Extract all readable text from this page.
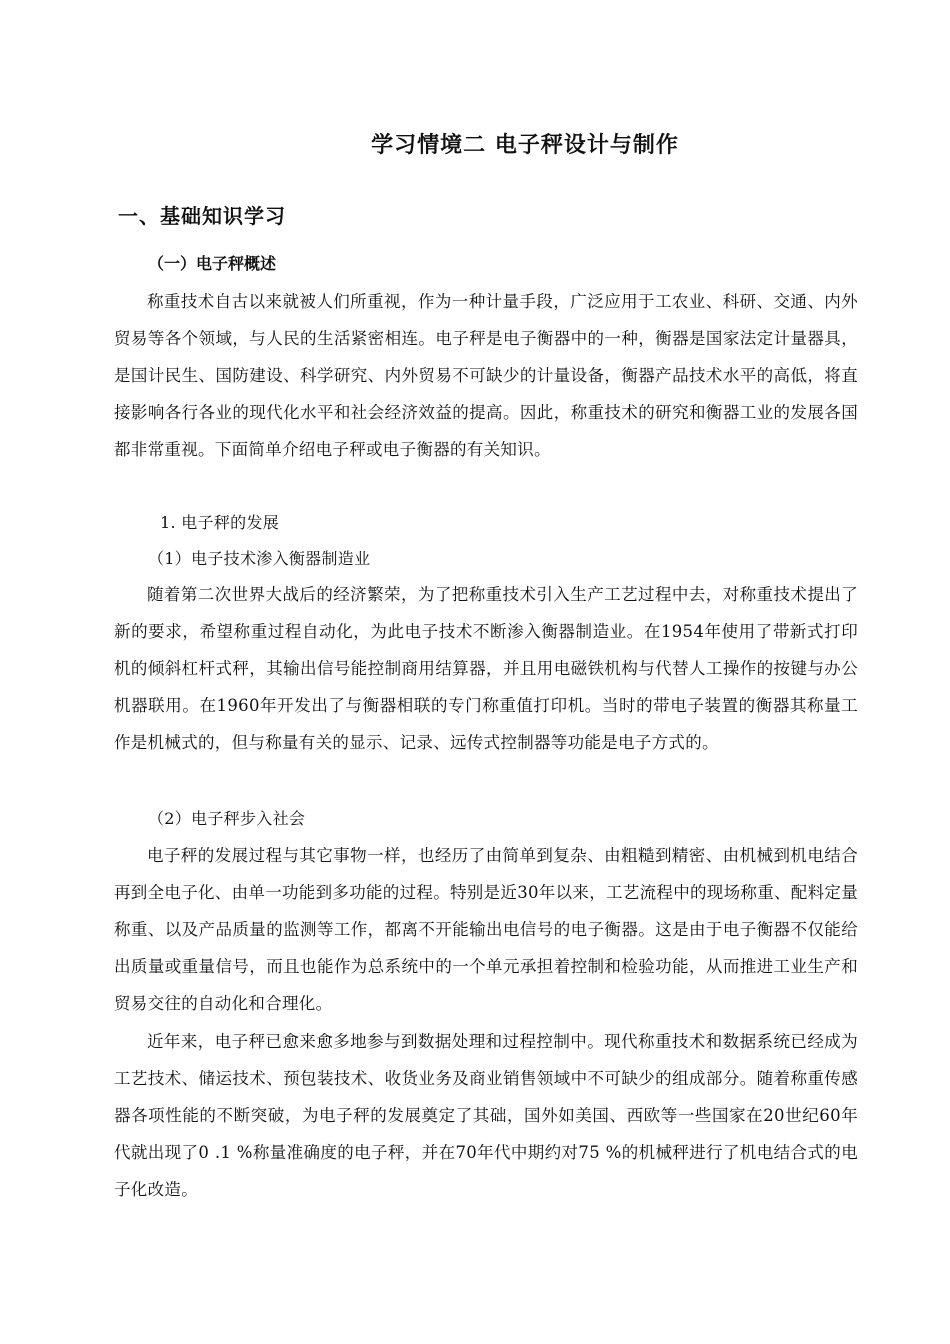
学习情境二 电子秤设计与制作
一、基础知识学习
（一）电子秤概述

称重技术自古以来就被人们所重视，作为一种计量手段，广泛应用于工农业、科研、交通、内外贸易等各个领域，与人民的生活紧密相连。电子秤是电子衡器中的一种，衡器是国家法定计量器具，是国计民生、国防建设、科学研究、内外贸易不可缺少的计量设备，衡器产品技术水平的高低，将直接影响各行各业的现代化水平和社会经济效益的提高。因此，称重技术的研究和衡器工业的发展各国都非常重视。下面简单介绍电子秤或电子衡器的有关知识。

1. 电子秤的发展

（1）电子技术渗入衡器制造业

随着第二次世界大战后的经济繁荣，为了把称重技术引入生产工艺过程中去，对称重技术提出了新的要求，希望称重过程自动化，为此电子技术不断渗入衡器制造业。在1954年使用了带新式打印机的倾斜杠杆式秤，其输出信号能控制商用结算器，并且用电磁铁机构与代替人工操作的按键与办公机器联用。在1960年开发出了与衡器相联的专门称重值打印机。当时的带电子装置的衡器其称量工作是机械式的，但与称量有关的显示、记录、远传式控制器等功能是电子方式的。

（2）电子秤步入社会

电子秤的发展过程与其它事物一样，也经历了由简单到复杂、由粗糙到精密、由机械到机电结合再到全电子化、由单一功能到多功能的过程。特别是近30年以来，工艺流程中的现场称重、配料定量称重、以及产品质量的监测等工作，都离不开能输出电信号的电子衡器。这是由于电子衡器不仅能给出质量或重量信号，而且也能作为总系统中的一个单元承担着控制和检验功能，从而推进工业生产和贸易交往的自动化和合理化。

近年来，电子秤已愈来愈多地参与到数据处理和过程控制中。现代称重技术和数据系统已经成为工艺技术、储运技术、预包装技术、收货业务及商业销售领域中不可缺少的组成部分。随着称重传感器各项性能的不断突破，为电子秤的发展奠定了其础，国外如美国、西欧等一些国家在20世纪60年代就出现了0 .1 %称量准确度的电子秤，并在70年代中期约对75 %的机械秤进行了机电结合式的电子化改造。
